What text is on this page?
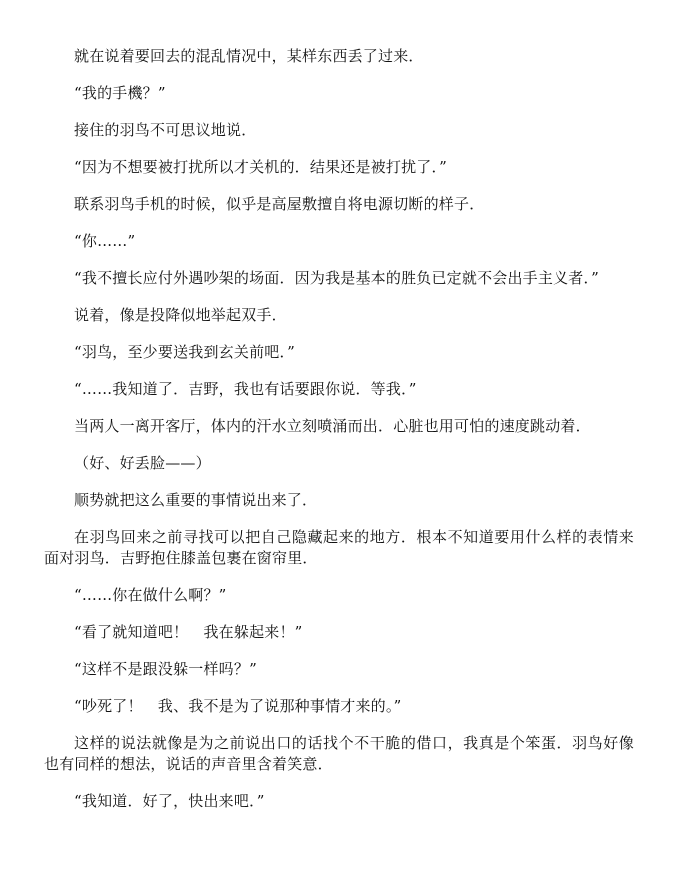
就在说着要回去的混乱情况中，某样东西丢了过来．

“我的手機？”

接住的羽鸟不可思议地说．

“因为不想要被打扰所以才关机的．结果还是被打扰了．”

联系羽鸟手机的时候，似乎是高屋敷擅自将电源切断的样子．

“你……”

“我不擅长应付外遇吵架的场面．因为我是基本的胜负已定就不会出手主义者．”

说着，像是投降似地举起双手．

“羽鸟，至少要送我到玄关前吧．”

“……我知道了．吉野，我也有话要跟你说．等我．”

当两人一离开客厅，体内的汗水立刻喷涌而出．心脏也用可怕的速度跳动着．

（好、好丢脸——）

顺势就把这么重要的事情说出来了．

在羽鸟回来之前寻找可以把自己隐藏起来的地方．根本不知道要用什么样的表情来面对羽鸟．吉野抱住膝盖包裹在窗帘里．

“……你在做什么啊？”

“看了就知道吧！　我在躲起来！”

“这样不是跟没躲一样吗？”

“吵死了！　我、我不是为了说那种事情才来的。”

这样的说法就像是为之前说出口的话找个不干脆的借口，我真是个笨蛋．羽鸟好像也有同样的想法，说话的声音里含着笑意．

“我知道．好了，快出来吧．”
